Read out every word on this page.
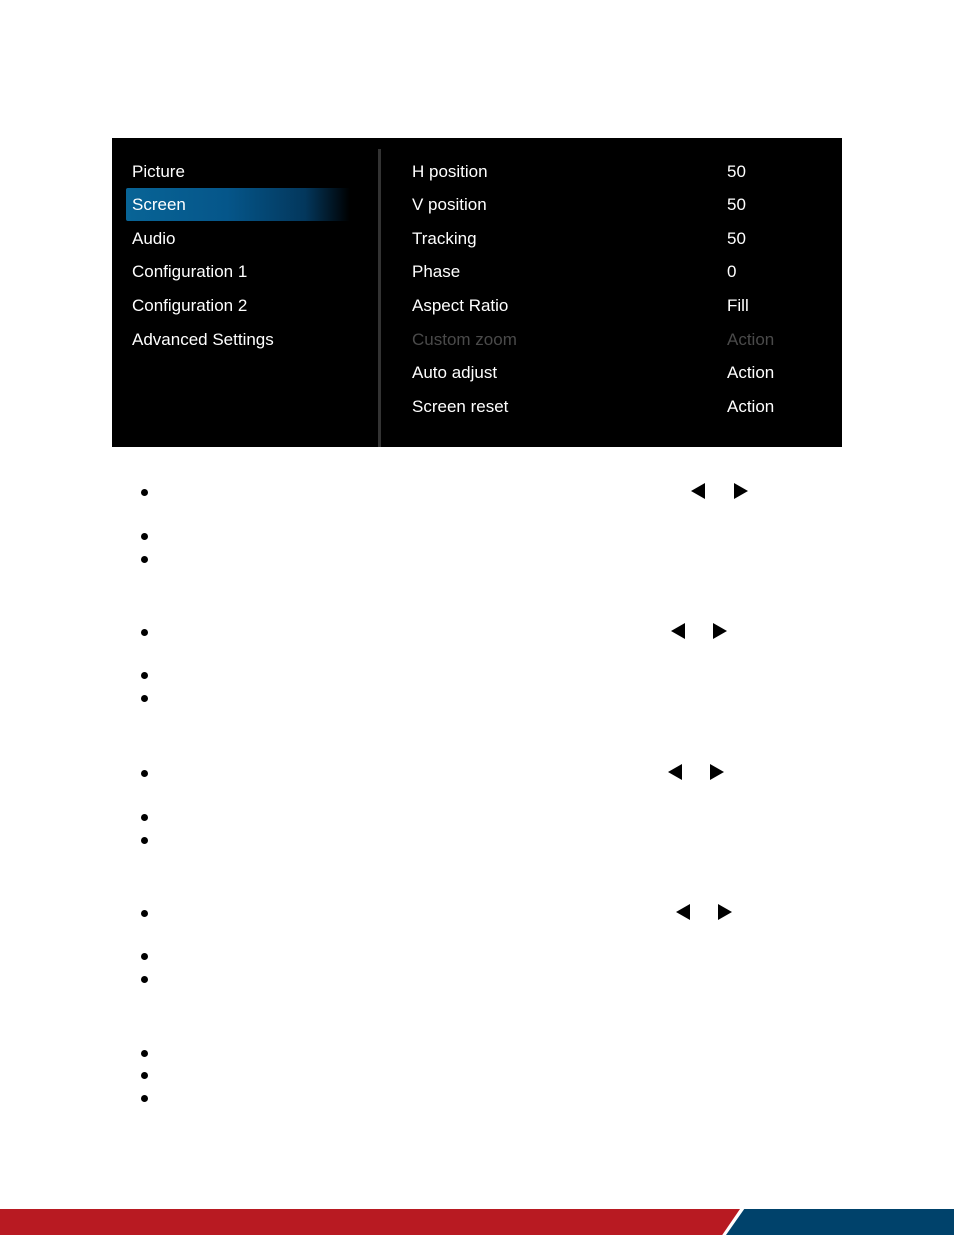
Picture
Screen
Audio
Configuration 1
Configuration 2
Advanced Settings
H position	50
V position	50
Tracking	50
Phase	0
Aspect Ratio	Fill
Custom zoom	Action
Auto adjust	Action
Screen reset	Action
